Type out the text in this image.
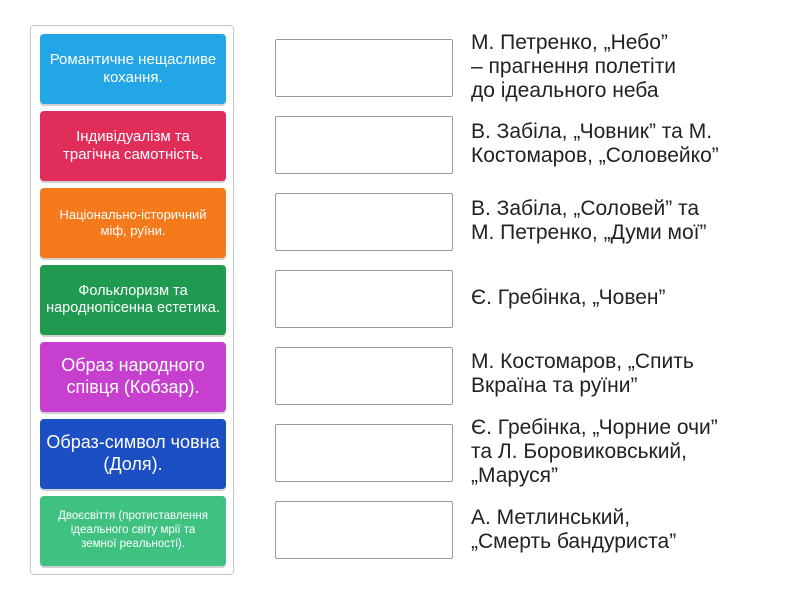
Романтичне нещасливе кохання.
Індивідуалізм та трагічна самотність.
Національно-історичний міф, руїни.
Фольклоризм та народнопісенна естетика.
Образ народного співця (Кобзар).
Образ-символ човна (Доля).
Двоєсвіття (протиставлення ідеального світу мрії та земної реальності).
М. Петренко, „Небо”
– прагнення полетіти
до ідеального неба
В. Забіла, „Човник” та М.
Костомаров, „Соловейко”
В. Забіла, „Соловей” та
М. Петренко, „Думи мої”
Є. Гребінка, „Човен”
М. Костомаров, „Спить
Вкраїна та руїни”
Є. Гребінка, „Чорние очи”
та Л. Боровиковський,
„Маруся”
А. Метлинський,
„Смерть бандуриста”
